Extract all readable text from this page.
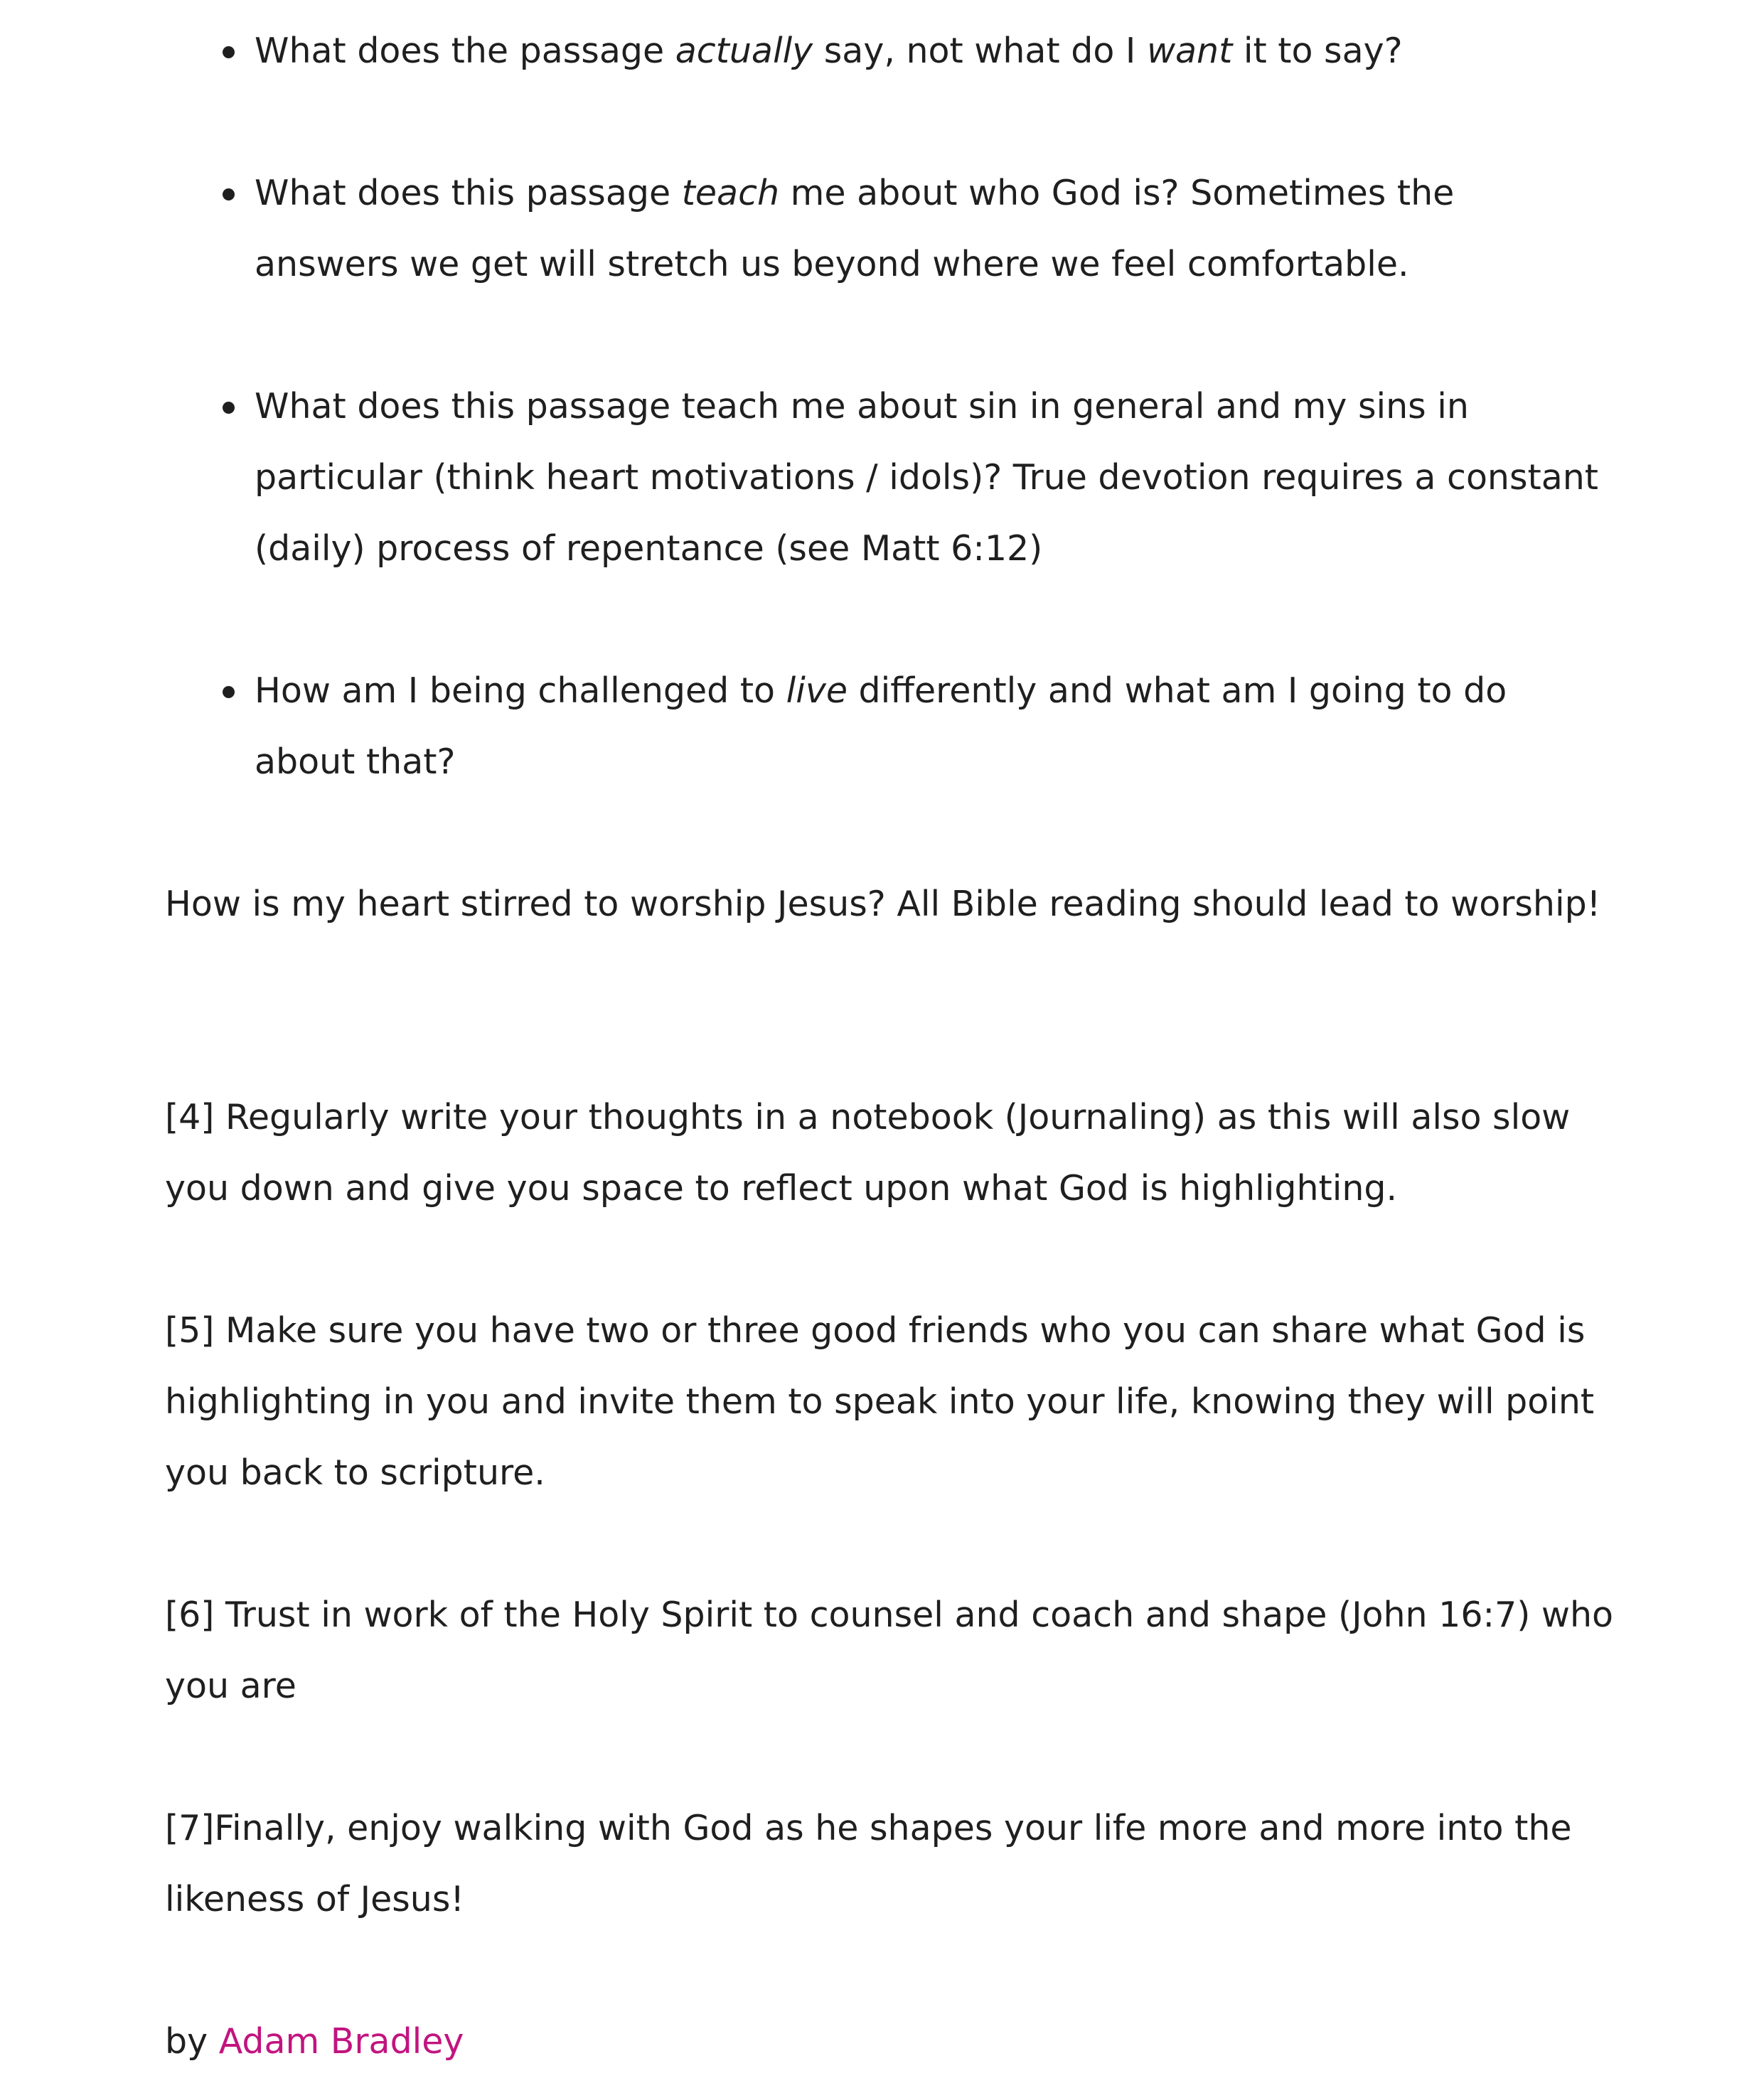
What does the passage actually say, not what do I want it to say?
What does this passage teach me about who God is? Sometimes the answers we get will stretch us beyond where we feel comfortable.
What does this passage teach me about sin in general and my sins in particular (think heart motivations / idols)? True devotion requires a constant (daily) process of repentance (see Matt 6:12)
How am I being challenged to live differently and what am I going to do about that?

How is my heart stirred to worship Jesus? All Bible reading should lead to worship!

[4] Regularly write your thoughts in a notebook (Journaling) as this will also slow you down and give you space to reflect upon what God is highlighting.

[5] Make sure you have two or three good friends who you can share what God is highlighting in you and invite them to speak into your life, knowing they will point you back to scripture.

[6] Trust in work of the Holy Spirit to counsel and coach and shape (John 16:7) who you are

[7]Finally, enjoy walking with God as he shapes your life more and more into the likeness of Jesus!

by Adam Bradley
